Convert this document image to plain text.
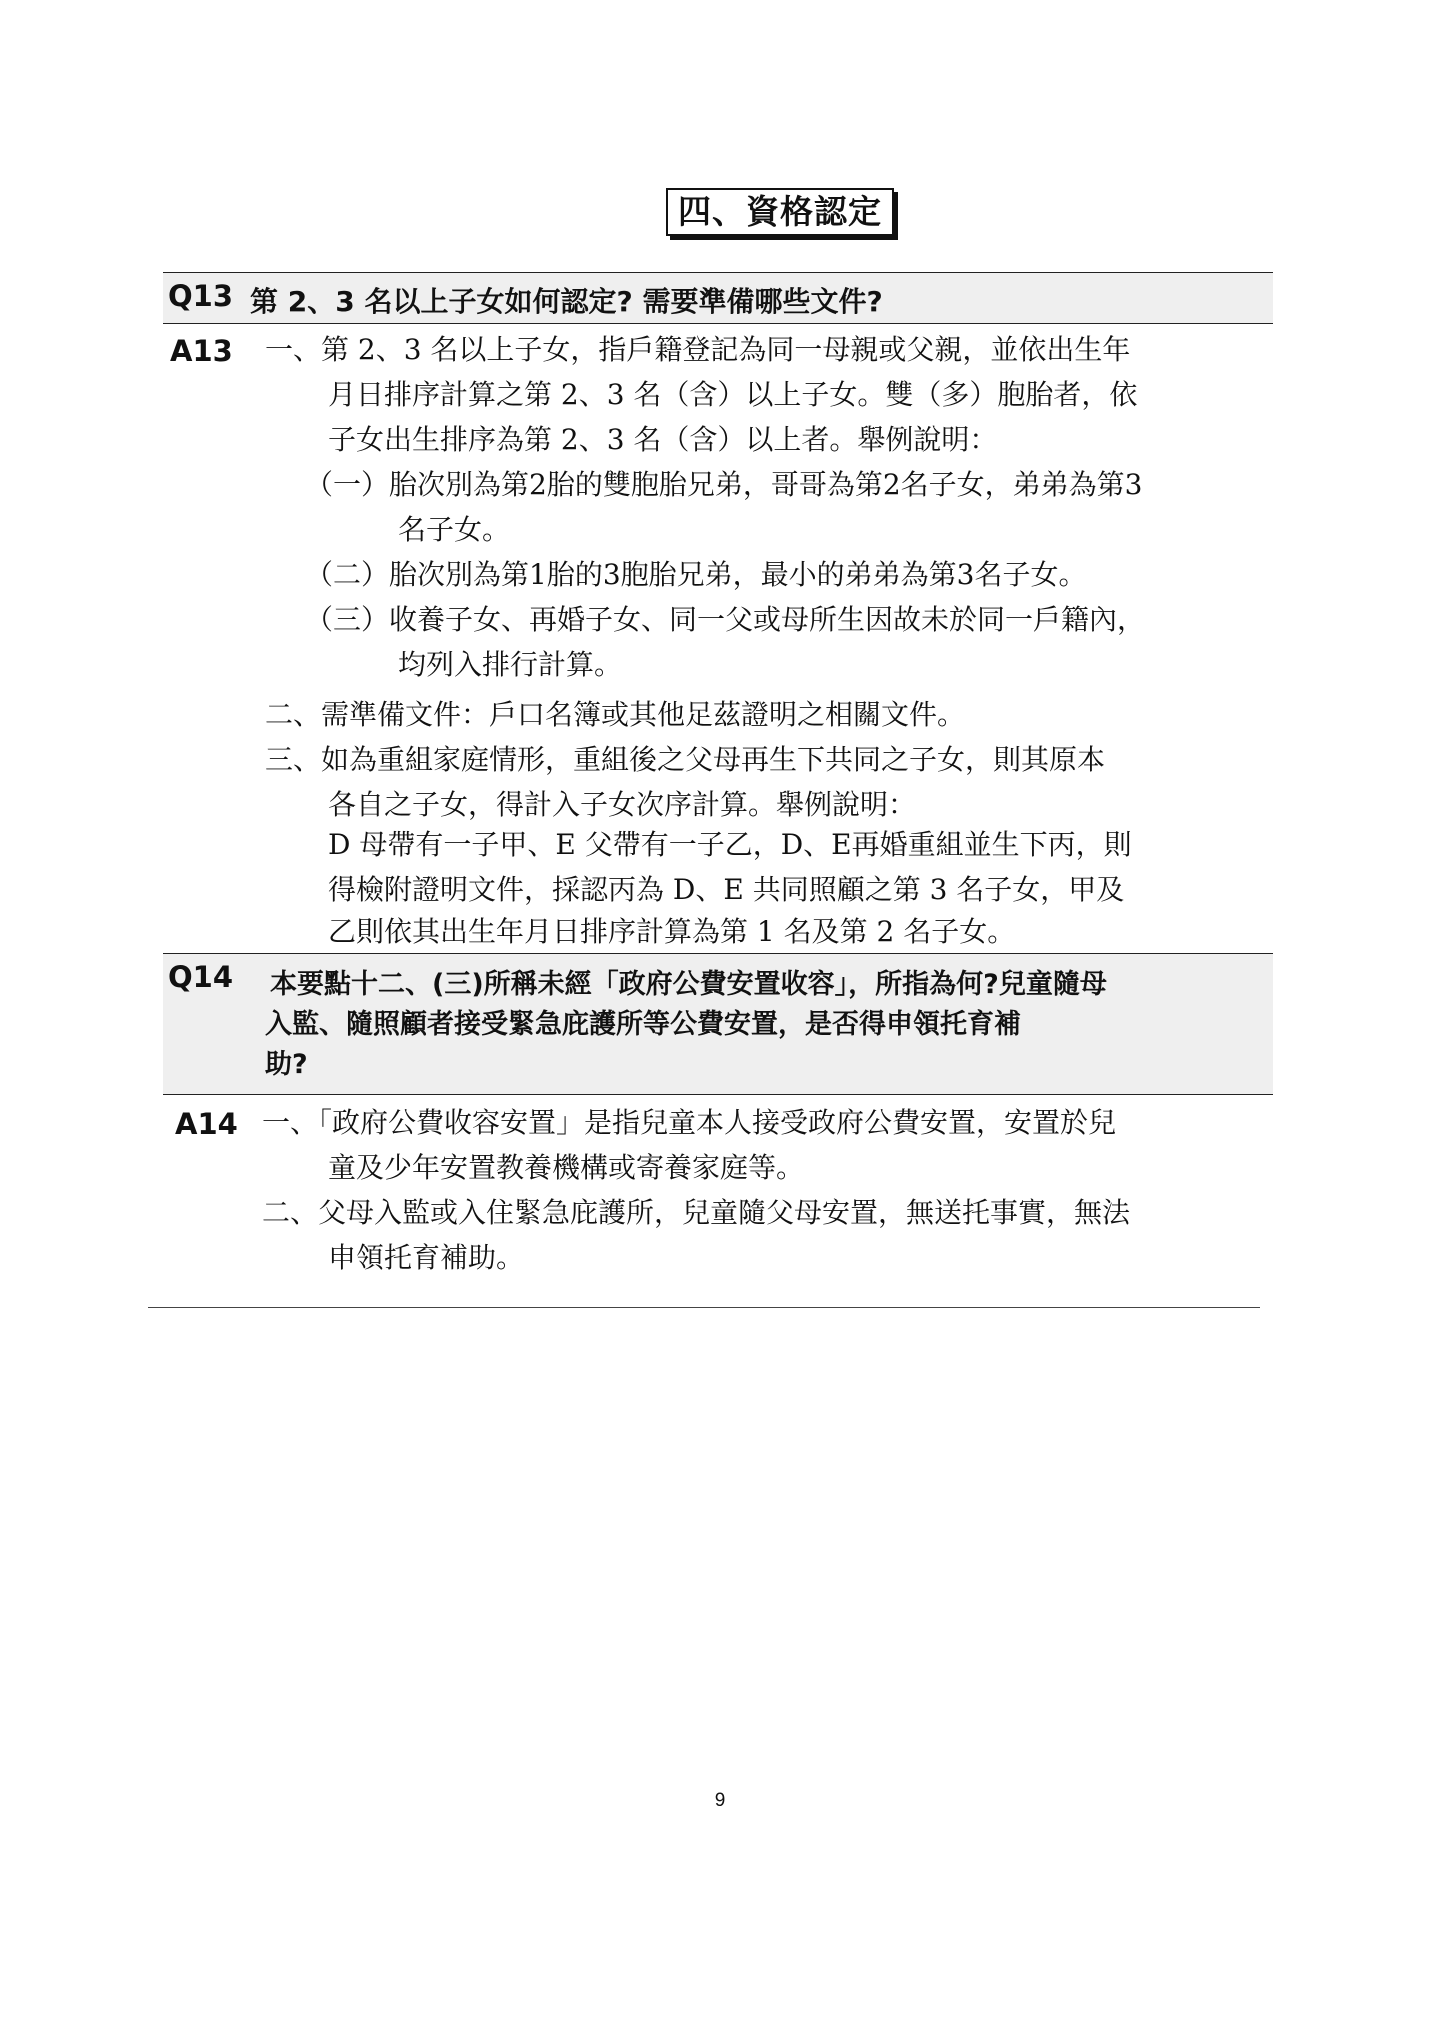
四、資格認定
Q13 第 2、3 名以上子女如何認定? 需要準備哪些文件?
A13 一、第 2、3 名以上子女，指戶籍登記為同一母親或父親，並依出生年
月日排序計算之第 2、3 名（含）以上子女。雙（多）胞胎者，依
子女出生排序為第 2、3 名（含）以上者。舉例說明：
（一）胎次別為第2胎的雙胞胎兄弟，哥哥為第2名子女，弟弟為第3
名子女。
（二）胎次別為第1胎的3胞胎兄弟，最小的弟弟為第3名子女。
（三）收養子女、再婚子女、同一父或母所生因故未於同一戶籍內，
均列入排行計算。
二、需準備文件：戶口名簿或其他足茲證明之相關文件。
三、如為重組家庭情形，重組後之父母再生下共同之子女，則其原本
各自之子女，得計入子女次序計算。舉例說明：
D 母帶有一子甲、E 父帶有一子乙，D、E再婚重組並生下丙，則
得檢附證明文件，採認丙為 D、E 共同照顧之第 3 名子女，甲及
乙則依其出生年月日排序計算為第 1 名及第 2 名子女。
Q14 本要點十二、(三)所稱未經「政府公費安置收容」，所指為何?兒童隨母
入監、隨照顧者接受緊急庇護所等公費安置，是否得申領托育補
助?
A14 一、「政府公費收容安置」是指兒童本人接受政府公費安置，安置於兒
童及少年安置教養機構或寄養家庭等。
二、父母入監或入住緊急庇護所，兒童隨父母安置，無送托事實，無法
申領托育補助。
9
